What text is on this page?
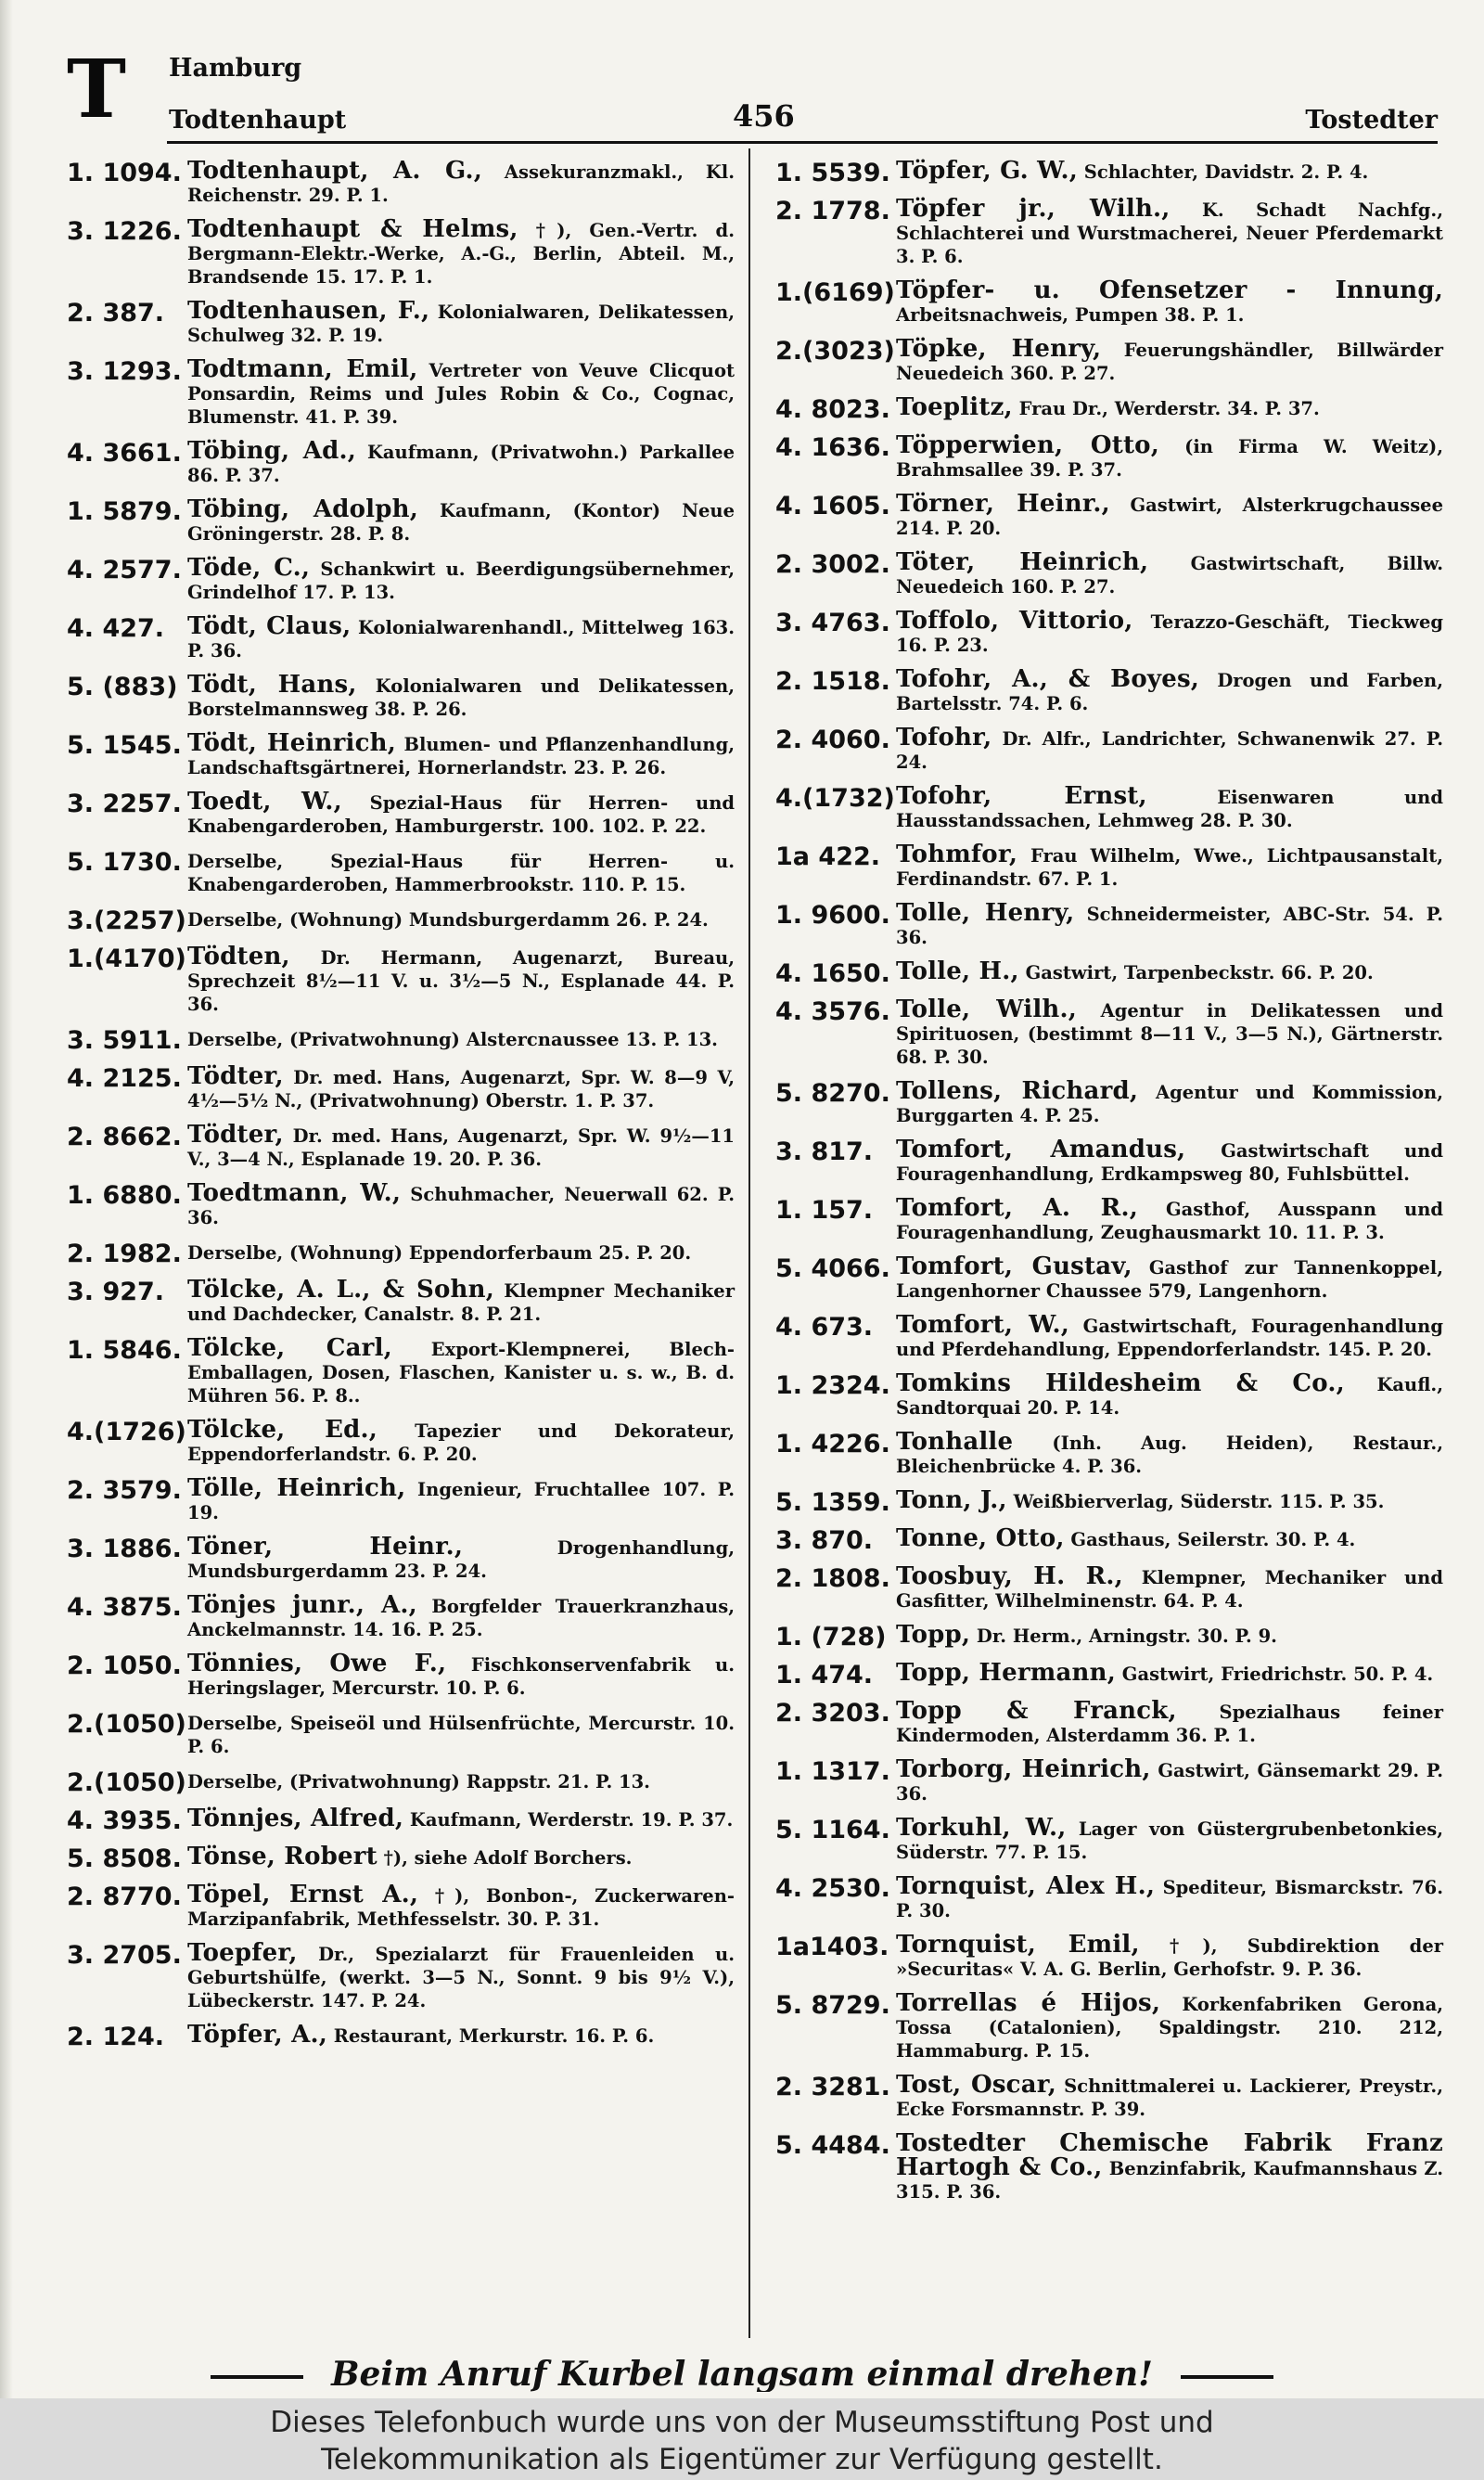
T Hamburg
Todtenhaupt	456	Tostedter
1. 1094. Todtenhaupt, A. G., Assekuranzmakl., Kl. Reichenstr. 29. P. 1.
3. 1226. Todtenhaupt & Helms, †), Gen.-Vertr. d. Bergmann-Elektr.-Werke, A.-G., Berlin, Abteil. M., Brandsende 15. 17. P. 1.
2. 387. Todtenhausen, F., Kolonialwaren, Delikatessen, Schulweg 32. P. 19.
3. 1293. Todtmann, Emil, Vertreter von Veuve Clicquot Ponsardin, Reims und Jules Robin & Co., Cognac, Blumenstr. 41. P. 39.
4. 3661. Töbing, Ad., Kaufmann, (Privatwohn.) Parkallee 86. P. 37.
1. 5879. Töbing, Adolph, Kaufmann, (Kontor) Neue Gröningerstr. 28. P. 8.
4. 2577. Töde, C., Schankwirt u. Beerdigungsübernehmer, Grindelhof 17. P. 13.
4. 427. Tödt, Claus, Kolonialwarenhandl., Mittelweg 163. P. 36.
5. (883) Tödt, Hans, Kolonialwaren und Delikatessen, Borstelmannsweg 38. P. 26.
5. 1545. Tödt, Heinrich, Blumen- und Pflanzenhandlung, Landschaftsgärtnerei, Hornerlandstr. 23. P. 26.
3. 2257. Toedt, W., Spezial-Haus für Herren- und Knabengarderoben, Hamburgerstr. 100. 102. P. 22.
5. 1730. Derselbe, Spezial-Haus für Herren- u. Knabengarderoben, Hammerbrookstr. 110. P. 15.
3.(2257) Derselbe, (Wohnung) Mundsburgerdamm 26. P. 24.
1.(4170) Tödten, Dr. Hermann, Augenarzt, Bureau, Sprechzeit 8½—11 V. u. 3½—5 N., Esplanade 44. P. 36.
3. 5911. Derselbe, (Privatwohnung) Alstercnaussee 13. P. 13.
4. 2125. Tödter, Dr. med. Hans, Augenarzt, Spr. W. 8—9 V, 4½—5½ N., (Privatwohnung) Oberstr. 1. P. 37.
2. 8662. Tödter, Dr. med. Hans, Augenarzt, Spr. W. 9½—11 V., 3—4 N., Esplanade 19. 20. P. 36.
1. 6880. Toedtmann, W., Schuhmacher, Neuerwall 62. P. 36.
2. 1982. Derselbe, (Wohnung) Eppendorferbaum 25. P. 20.
3. 927. Tölcke, A. L., & Sohn, Klempner Mechaniker und Dachdecker, Canalstr. 8. P. 21.
1. 5846. Tölcke, Carl, Export-Klempnerei, Blech-Emballagen, Dosen, Flaschen, Kanister u. s. w., B. d. Mühren 56. P. 8..
4.(1726) Tölcke, Ed., Tapezier und Dekorateur, Eppendorferlandstr. 6. P. 20.
2. 3579. Tölle, Heinrich, Ingenieur, Fruchtallee 107. P. 19.
3. 1886. Töner, Heinr., Drogenhandlung, Mundsburgerdamm 23. P. 24.
4. 3875. Tönjes junr., A., Borgfelder Trauerkranzhaus, Anckelmannstr. 14. 16. P. 25.
2. 1050. Tönnies, Owe F., Fischkonservenfabrik u. Heringslager, Mercurstr. 10. P. 6.
2.(1050) Derselbe, Speiseöl und Hülsenfrüchte, Mercurstr. 10. P. 6.
2.(1050) Derselbe, (Privatwohnung) Rappstr. 21. P. 13.
4. 3935. Tönnjes, Alfred, Kaufmann, Werderstr. 19. P. 37.
5. 8508. Tönse, Robert †), siehe Adolf Borchers.
2. 8770. Töpel, Ernst A., †), Bonbon-, Zuckerwaren-Marzipanfabrik, Methfesselstr. 30. P. 31.
3. 2705. Toepfer, Dr., Spezialarzt für Frauenleiden u. Geburtshülfe, (werkt. 3—5 N., Sonnt. 9 bis 9½ V.), Lübeckerstr. 147. P. 24.
2. 124. Töpfer, A., Restaurant, Merkurstr. 16. P. 6.
1. 5539. Töpfer, G. W., Schlachter, Davidstr. 2. P. 4.
2. 1778. Töpfer jr., Wilh., K. Schadt Nachfg., Schlachterei und Wurstmacherei, Neuer Pferdemarkt 3. P. 6.
1.(6169) Töpfer- u. Ofensetzer - Innung, Arbeitsnachweis, Pumpen 38. P. 1.
2.(3023) Töpke, Henry, Feuerungshändler, Billwärder Neuedeich 360. P. 27.
4. 8023. Toeplitz, Frau Dr., Werderstr. 34. P. 37.
4. 1636. Töpperwien, Otto, (in Firma W. Weitz), Brahmsallee 39. P. 37.
4. 1605. Törner, Heinr., Gastwirt, Alsterkrugchaussee 214. P. 20.
2. 3002. Töter, Heinrich, Gastwirtschaft, Billw. Neuedeich 160. P. 27.
3. 4763. Toffolo, Vittorio, Terazzo-Geschäft, Tieckweg 16. P. 23.
2. 1518. Tofohr, A., & Boyes, Drogen und Farben, Bartelsstr. 74. P. 6.
2. 4060. Tofohr, Dr. Alfr., Landrichter, Schwanenwik 27. P. 24.
4.(1732) Tofohr, Ernst, Eisenwaren und Hausstandssachen, Lehmweg 28. P. 30.
1a 422. Tohmfor, Frau Wilhelm, Wwe., Lichtpausanstalt, Ferdinandstr. 67. P. 1.
1. 9600. Tolle, Henry, Schneidermeister, ABC-Str. 54. P. 36.
4. 1650. Tolle, H., Gastwirt, Tarpenbeckstr. 66. P. 20.
4. 3576. Tolle, Wilh., Agentur in Delikatessen und Spirituosen, (bestimmt 8—11 V., 3—5 N.), Gärtnerstr. 68. P. 30.
5. 8270. Tollens, Richard, Agentur und Kommission, Burggarten 4. P. 25.
3. 817. Tomfort, Amandus, Gastwirtschaft und Fouragenhandlung, Erdkampsweg 80, Fuhlsbüttel.
1. 157. Tomfort, A. R., Gasthof, Ausspann und Fouragenhandlung, Zeughausmarkt 10. 11. P. 3.
5. 4066. Tomfort, Gustav, Gasthof zur Tannenkoppel, Langenhorner Chaussee 579, Langenhorn.
4. 673. Tomfort, W., Gastwirtschaft, Fouragenhandlung und Pferdehandlung, Eppendorferlandstr. 145. P. 20.
1. 2324. Tomkins Hildesheim & Co., Kaufl., Sandtorquai 20. P. 14.
1. 4226. Tonhalle (Inh. Aug. Heiden), Restaur., Bleichenbrücke 4. P. 36.
5. 1359. Tonn, J., Weißbierverlag, Süderstr. 115. P. 35.
3. 870. Tonne, Otto, Gasthaus, Seilerstr. 30. P. 4.
2. 1808. Toosbuy, H. R., Klempner, Mechaniker und Gasfitter, Wilhelminenstr. 64. P. 4.
1. (728) Topp, Dr. Herm., Arningstr. 30. P. 9.
1. 474. Topp, Hermann, Gastwirt, Friedrichstr. 50. P. 4.
2. 3203. Topp & Franck, Spezialhaus feiner Kindermoden, Alsterdamm 36. P. 1.
1. 1317. Torborg, Heinrich, Gastwirt, Gänsemarkt 29. P. 36.
5. 1164. Torkuhl, W., Lager von Güstergrubenbetonkies, Süderstr. 77. P. 15.
4. 2530. Tornquist, Alex H., Spediteur, Bismarckstr. 76. P. 30.
1a1403. Tornquist, Emil, †), Subdirektion der »Securitas« V. A. G. Berlin, Gerhofstr. 9. P. 36.
5. 8729. Torrellas é Hijos, Korkenfabriken Gerona, Tossa (Catalonien), Spaldingstr. 210. 212, Hammaburg. P. 15.
2. 3281. Tost, Oscar, Schnittmalerei u. Lackierer, Preystr., Ecke Forsmannstr. P. 39.
5. 4484. Tostedter Chemische Fabrik Franz Hartogh & Co., Benzinfabrik, Kaufmannshaus Z. 315. P. 36.
Beim Anruf Kurbel langsam einmal drehen!
Dieses Telefonbuch wurde uns von der Museumsstiftung Post und
Telekommunikation als Eigentümer zur Verfügung gestellt.
